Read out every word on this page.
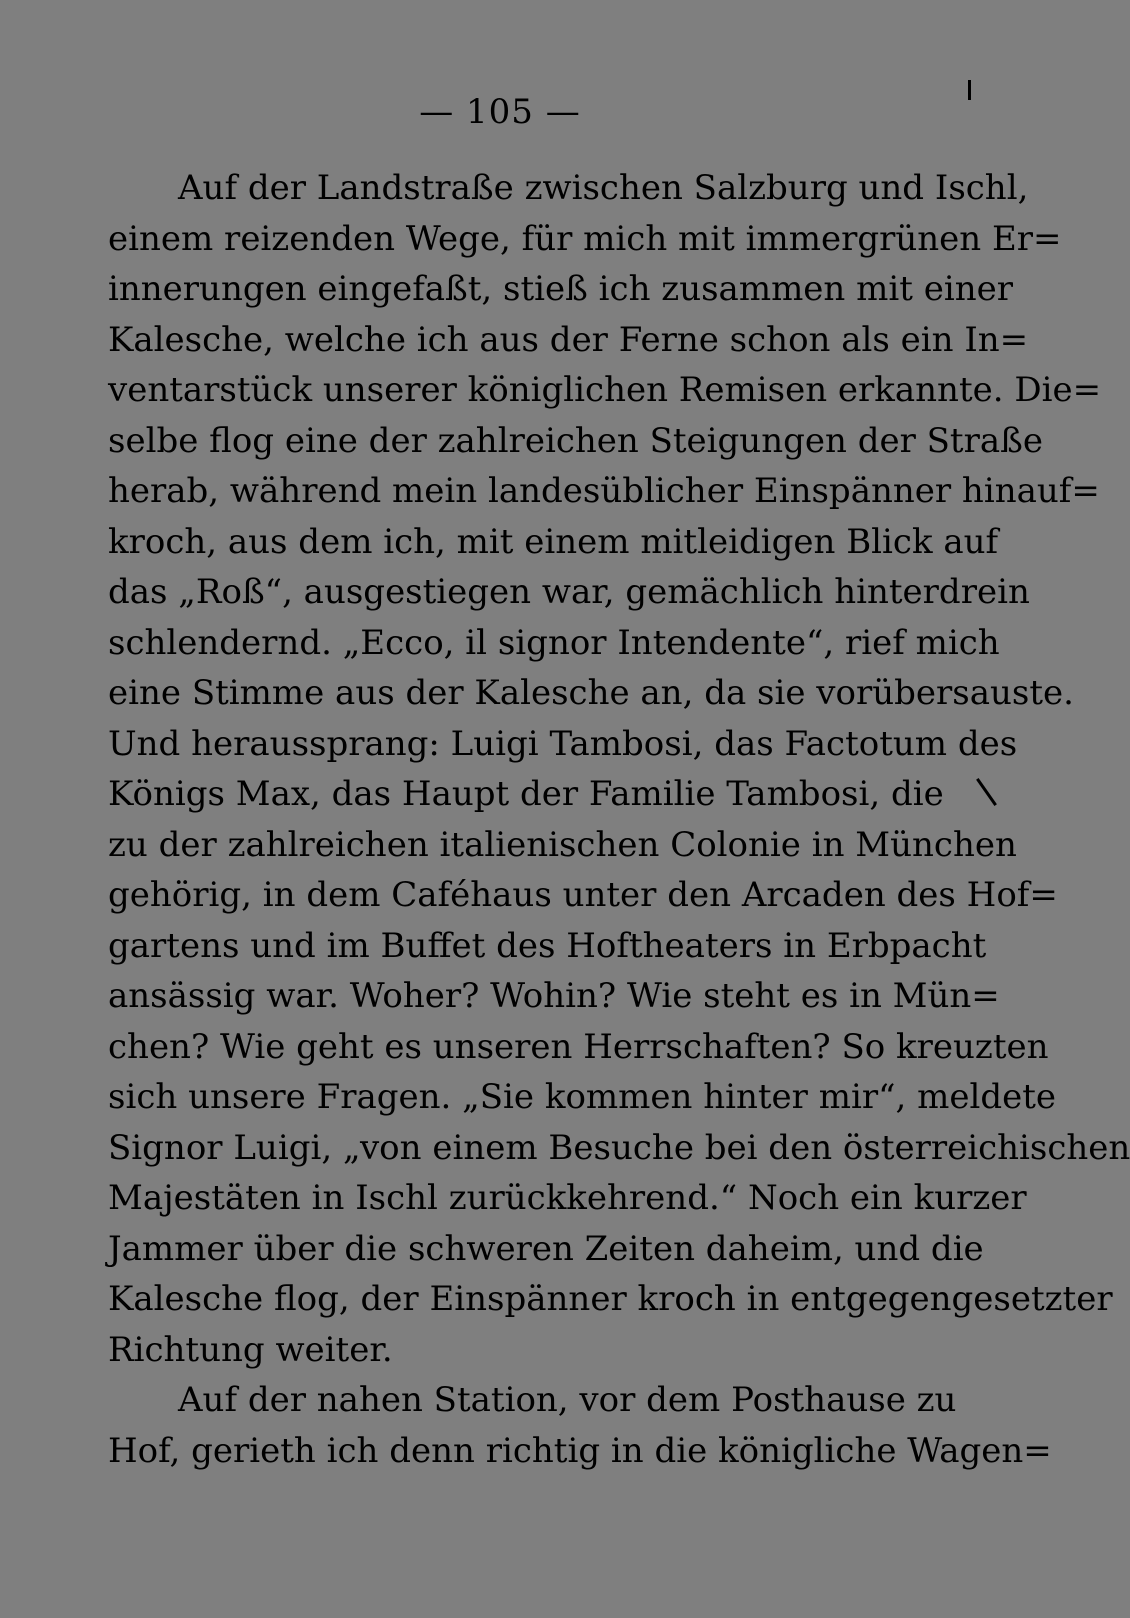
— 105 —
Auf der Landstraße zwischen Salzburg und Ischl,
einem reizenden Wege, für mich mit immergrünen Er=
innerungen eingefaßt, stieß ich zusammen mit einer
Kalesche, welche ich aus der Ferne schon als ein In=
ventarstück unserer königlichen Remisen erkannte. Die=
selbe flog eine der zahlreichen Steigungen der Straße
herab, während mein landesüblicher Einspänner hinauf=
kroch, aus dem ich, mit einem mitleidigen Blick auf
das „Roß“, ausgestiegen war, gemächlich hinterdrein
schlendernd. „Ecco, il signor Intendente“, rief mich
eine Stimme aus der Kalesche an, da sie vorübersauste.
Und heraussprang: Luigi Tambosi, das Factotum des
Königs Max, das Haupt der Familie Tambosi, die
zu der zahlreichen italienischen Colonie in München
gehörig, in dem Caféhaus unter den Arcaden des Hof=
gartens und im Buffet des Hoftheaters in Erbpacht
ansässig war. Woher? Wohin? Wie steht es in Mün=
chen? Wie geht es unseren Herrschaften? So kreuzten
sich unsere Fragen. „Sie kommen hinter mir“, meldete
Signor Luigi, „von einem Besuche bei den österreichischen
Majestäten in Ischl zurückkehrend.“ Noch ein kurzer
Jammer über die schweren Zeiten daheim, und die
Kalesche flog, der Einspänner kroch in entgegengesetzter
Richtung weiter.
Auf der nahen Station, vor dem Posthause zu
Hof, gerieth ich denn richtig in die königliche Wagen=
